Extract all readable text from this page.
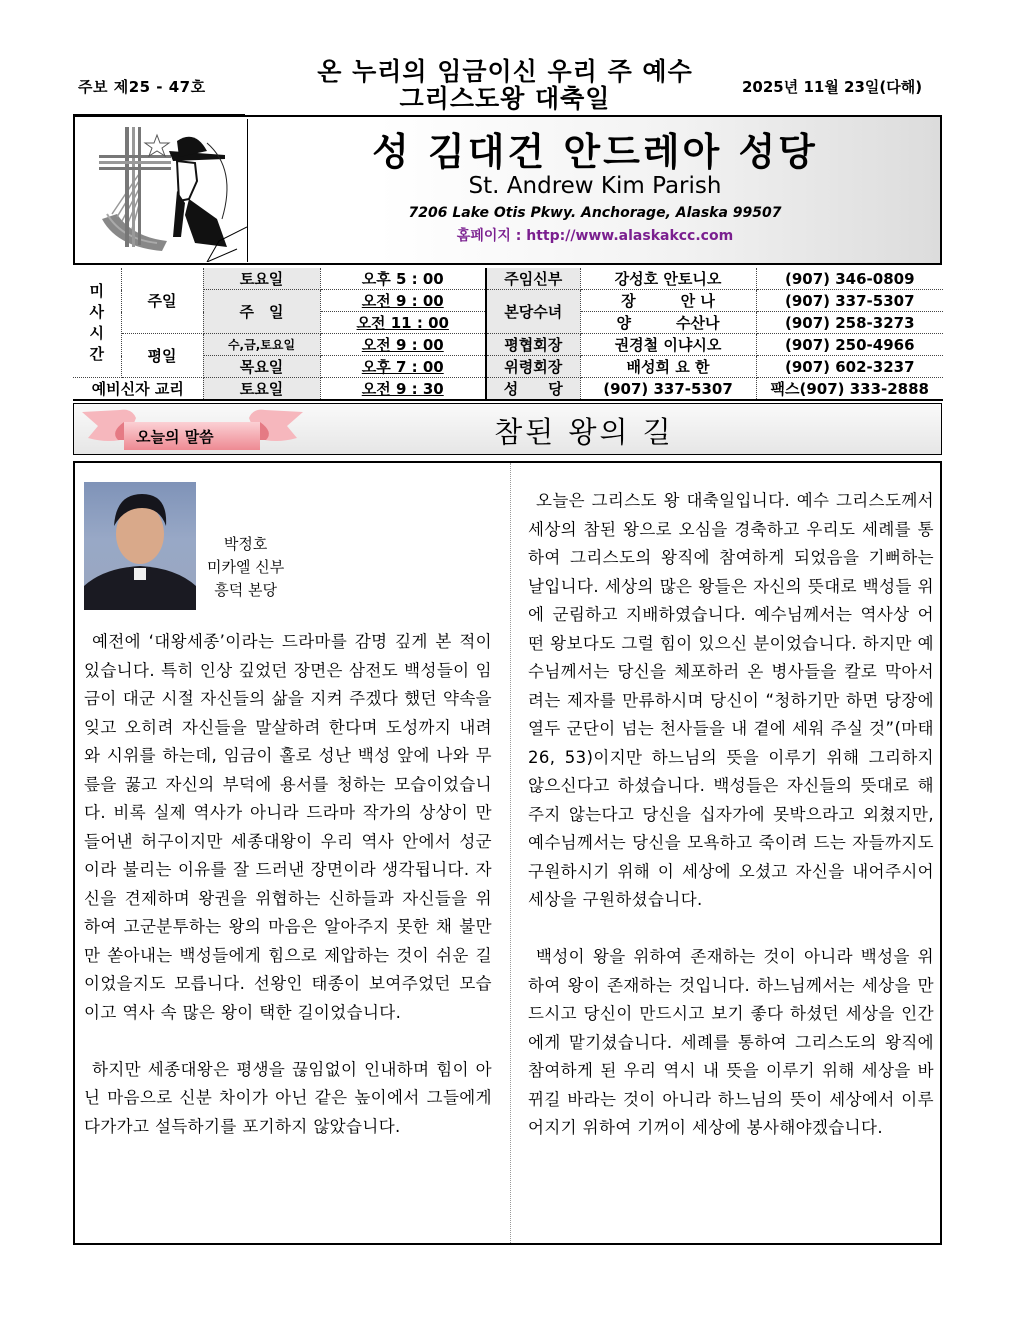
주보 제25 - 47호
온 누리의 임금이신 우리 주 예수
그리스도왕 대축일	2025년 11월 23일(다해)
성 김대건 안드레아 성당
St. Andrew Kim Parish
7206 Lake Otis Pkwy. Anchorage, Alaska 99507
홈페이지 : http://www.alaskakcc.com
미
사
시
간	주일	토요일	오후 5 : 00	주임신부	강성호 안토니오	(907) 346-0809
		주　일	오전 9 : 00	본당수녀	장　　　안 나	(907) 337-5307
			오전 11 : 00		양　　　수산나	(907) 258-3273
	평일	수,금,토요일	오전 9 : 00	평협회장	권경철 이냐시오	(907) 250-4966
		목요일	오후 7 : 00	위령회장	배성희 요 한	(907) 602-3237
예비신자 교리		토요일	오전 9 : 30	성　　당	(907) 337-5307	팩스(907) 333-2888
오늘의 말씀	참된 왕의 길
박정호
미카엘 신부
흥덕 본당

예전에 ‘대왕세종’이라는 드라마를 감명 깊게 본 적이 있습니다. 특히 인상 깊었던 장면은 삼전도 백성들이 임금이 대군 시절 자신들의 삶을 지켜 주겠다 했던 약속을 잊고 오히려 자신들을 말살하려 한다며 도성까지 내려와 시위를 하는데, 임금이 홀로 성난 백성 앞에 나와 무릎을 꿇고 자신의 부덕에 용서를 청하는 모습이었습니다. 비록 실제 역사가 아니라 드라마 작가의 상상이 만들어낸 허구이지만 세종대왕이 우리 역사 안에서 성군이라 불리는 이유를 잘 드러낸 장면이라 생각됩니다. 자신을 견제하며 왕권을 위협하는 신하들과 자신들을 위하여 고군분투하는 왕의 마음은 알아주지 못한 채 불만만 쏟아내는 백성들에게 힘으로 제압하는 것이 쉬운 길이었을지도 모릅니다. 선왕인 태종이 보여주었던 모습이고 역사 속 많은 왕이 택한 길이었습니다.

하지만 세종대왕은 평생을 끊임없이 인내하며 힘이 아닌 마음으로 신분 차이가 아닌 같은 높이에서 그들에게 다가가고 설득하기를 포기하지 않았습니다.

오늘은 그리스도 왕 대축일입니다. 예수 그리스도께서 세상의 참된 왕으로 오심을 경축하고 우리도 세례를 통하여 그리스도의 왕직에 참여하게 되었음을 기뻐하는 날입니다. 세상의 많은 왕들은 자신의 뜻대로 백성들 위에 군림하고 지배하였습니다. 예수님께서는 역사상 어떤 왕보다도 그럴 힘이 있으신 분이었습니다. 하지만 예수님께서는 당신을 체포하러 온 병사들을 칼로 막아서려는 제자를 만류하시며 당신이 “청하기만 하면 당장에 열두 군단이 넘는 천사들을 내 곁에 세워 주실 것”(마태 26, 53)이지만 하느님의 뜻을 이루기 위해 그리하지 않으신다고 하셨습니다. 백성들은 자신들의 뜻대로 해주지 않는다고 당신을 십자가에 못박으라고 외쳤지만, 예수님께서는 당신을 모욕하고 죽이려 드는 자들까지도 구원하시기 위해 이 세상에 오셨고 자신을 내어주시어 세상을 구원하셨습니다.

백성이 왕을 위하여 존재하는 것이 아니라 백성을 위하여 왕이 존재하는 것입니다. 하느님께서는 세상을 만드시고 당신이 만드시고 보기 좋다 하셨던 세상을 인간에게 맡기셨습니다. 세례를 통하여 그리스도의 왕직에 참여하게 된 우리 역시 내 뜻을 이루기 위해 세상을 바뀌길 바라는 것이 아니라 하느님의 뜻이 세상에서 이루어지기 위하여 기꺼이 세상에 봉사해야겠습니다.
